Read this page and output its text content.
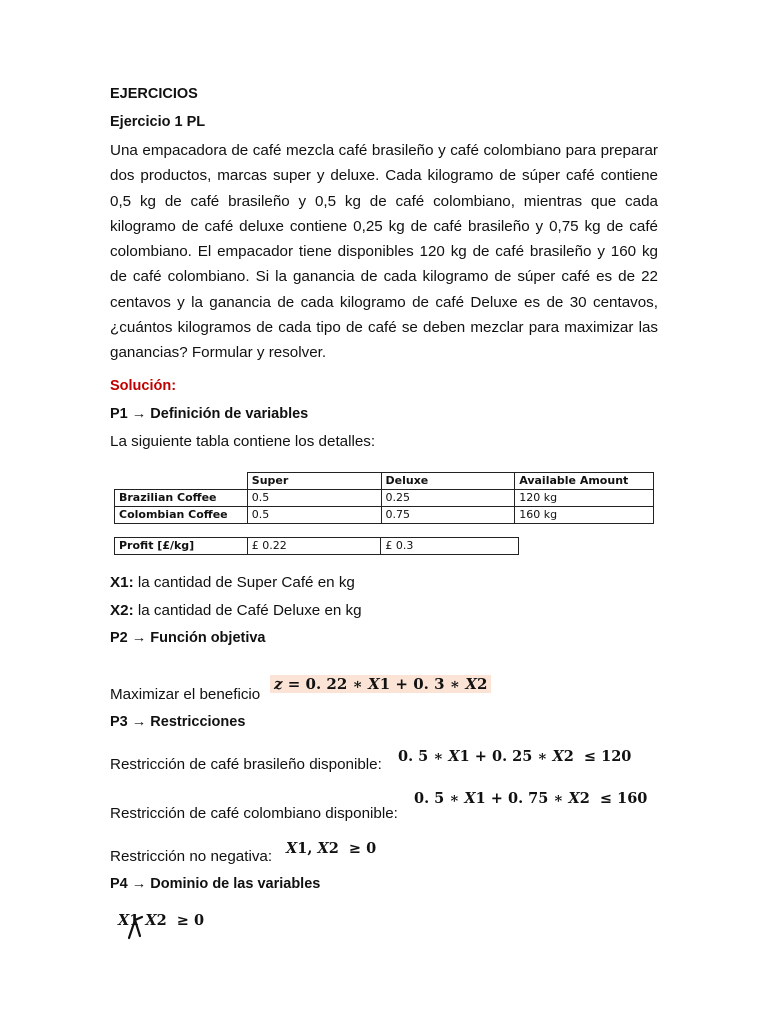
EJERCICIOS
Ejercicio 1 PL
Una empacadora de café mezcla café brasileño y café colombiano para preparar dos productos, marcas super y deluxe. Cada kilogramo de súper café contiene 0,5 kg de café brasileño y 0,5 kg de café colombiano, mientras que cada kilogramo de café deluxe contiene 0,25 kg de café brasileño y 0,75 kg de café colombiano. El empacador tiene disponibles 120 kg de café brasileño y 160 kg de café colombiano. Si la ganancia de cada kilogramo de súper café es de 22 centavos y la ganancia de cada kilogramo de café Deluxe es de 30 centavos, ¿cuántos kilogramos de cada tipo de café se deben mezclar para maximizar las ganancias? Formular y resolver.
Solución:
P1 → Definición de variables
La siguiente tabla contiene los detalles:
	Super	Deluxe	Available Amount
Brazilian Coffee	0.5	0.25	120 kg
Colombian Coffee	0.5	0.75	160 kg
Profit [£/kg]	£ 0.22	£ 0.3
X1: la cantidad de Super Café en kg
X2: la cantidad de Café Deluxe en kg
P2 → Función objetiva
Maximizar el beneficio
z = 0. 22 ∗ X1 + 0. 3 ∗ X2
P3 → Restricciones
Restricción de café brasileño disponible: 0. 5 ∗ X1 + 0. 25 ∗ X2  ≤ 120
Restricción de café colombiano disponible:
0. 5 ∗ X1 + 0. 75 ∗ X2  ≤ 160
Restricción no negativa: X1, X2  ≥ 0
P4 → Dominio de las variables
X1 X2  ≥ 0
